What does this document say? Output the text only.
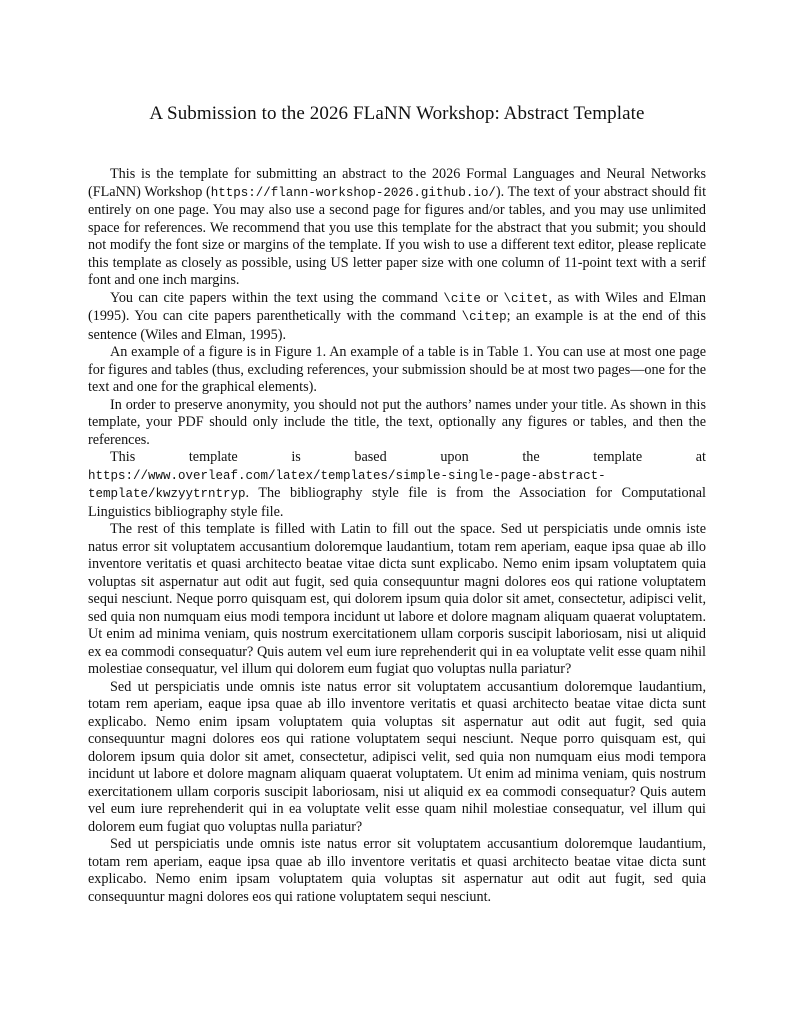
A Submission to the 2026 FLaNN Workshop: Abstract Template

This is the template for submitting an abstract to the 2026 Formal Languages and Neural Networks (FLaNN) Workshop (https://flann-workshop-2026.github.io/). The text of your abstract should fit entirely on one page. You may also use a second page for figures and/or tables, and you may use unlimited space for references. We recommend that you use this template for the abstract that you submit; you should not modify the font size or margins of the template. If you wish to use a different text editor, please replicate this template as closely as possible, using US letter paper size with one column of 11-point text with a serif font and one inch margins.

You can cite papers within the text using the command \cite or \citet, as with Wiles and Elman (1995). You can cite papers parenthetically with the command \citep; an example is at the end of this sentence (Wiles and Elman, 1995).

An example of a figure is in Figure 1. An example of a table is in Table 1. You can use at most one page for figures and tables (thus, excluding references, your submission should be at most two pages—one for the text and one for the graphical elements).

In order to preserve anonymity, you should not put the authors’ names under your title. As shown in this template, your PDF should only include the title, the text, optionally any figures or tables, and then the references.

This template is based upon the template at https://www.overleaf.com/latex/templates/simple-single-page-abstract-template/kwzyytrntryp. The bibliography style file is from the Association for Computational Linguistics bibliography style file.

The rest of this template is filled with Latin to fill out the space. Sed ut perspiciatis unde omnis iste natus error sit voluptatem accusantium doloremque laudantium, totam rem aperiam, eaque ipsa quae ab illo inventore veritatis et quasi architecto beatae vitae dicta sunt explicabo. Nemo enim ipsam voluptatem quia voluptas sit aspernatur aut odit aut fugit, sed quia consequuntur magni dolores eos qui ratione voluptatem sequi nesciunt. Neque porro quisquam est, qui dolorem ipsum quia dolor sit amet, consectetur, adipisci velit, sed quia non numquam eius modi tempora incidunt ut labore et dolore magnam aliquam quaerat voluptatem. Ut enim ad minima veniam, quis nostrum exercitationem ullam corporis suscipit laboriosam, nisi ut aliquid ex ea commodi consequatur? Quis autem vel eum iure reprehenderit qui in ea voluptate velit esse quam nihil molestiae consequatur, vel illum qui dolorem eum fugiat quo voluptas nulla pariatur?

Sed ut perspiciatis unde omnis iste natus error sit voluptatem accusantium doloremque laudantium, totam rem aperiam, eaque ipsa quae ab illo inventore veritatis et quasi architecto beatae vitae dicta sunt explicabo. Nemo enim ipsam voluptatem quia voluptas sit aspernatur aut odit aut fugit, sed quia consequuntur magni dolores eos qui ratione voluptatem sequi nesciunt. Neque porro quisquam est, qui dolorem ipsum quia dolor sit amet, consectetur, adipisci velit, sed quia non numquam eius modi tempora incidunt ut labore et dolore magnam aliquam quaerat voluptatem. Ut enim ad minima veniam, quis nostrum exercitationem ullam corporis suscipit laboriosam, nisi ut aliquid ex ea commodi consequatur? Quis autem vel eum iure reprehenderit qui in ea voluptate velit esse quam nihil molestiae consequatur, vel illum qui dolorem eum fugiat quo voluptas nulla pariatur?

Sed ut perspiciatis unde omnis iste natus error sit voluptatem accusantium doloremque laudantium, totam rem aperiam, eaque ipsa quae ab illo inventore veritatis et quasi architecto beatae vitae dicta sunt explicabo. Nemo enim ipsam voluptatem quia voluptas sit aspernatur aut odit aut fugit, sed quia consequuntur magni dolores eos qui ratione voluptatem sequi nesciunt.
